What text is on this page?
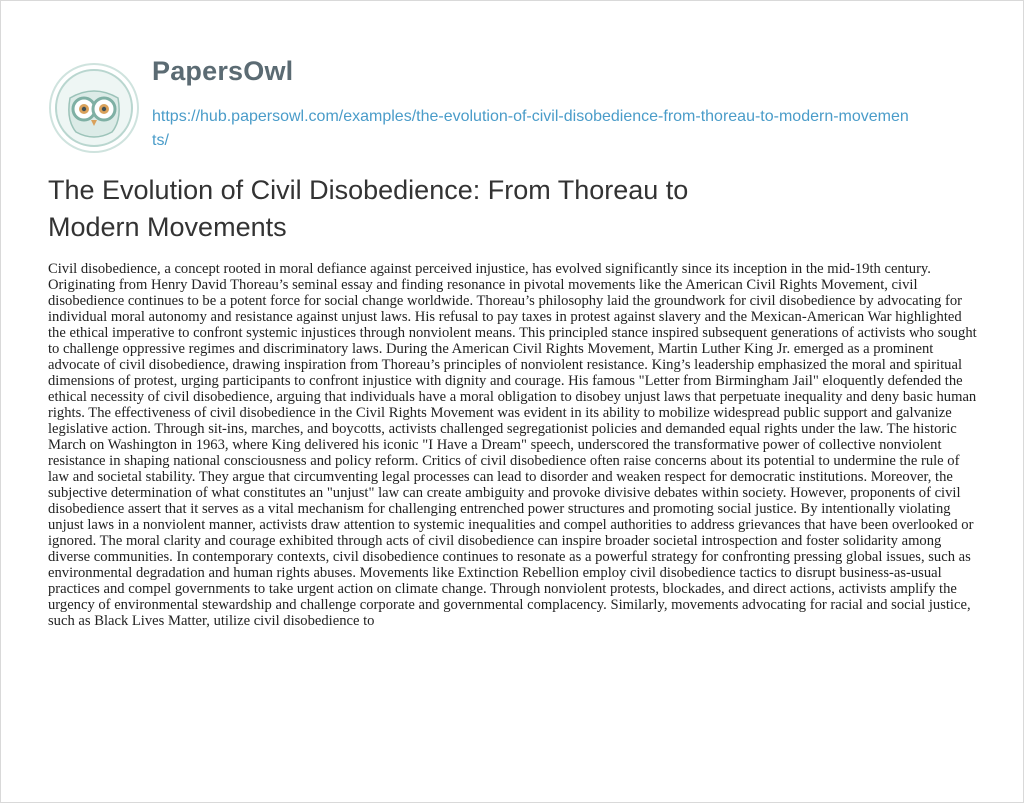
PapersOwl
https://hub.papersowl.com/examples/the-evolution-of-civil-disobedience-from-thoreau-to-modern-movements/
The Evolution of Civil Disobedience: From Thoreau to Modern Movements

Civil disobedience, a concept rooted in moral defiance against perceived injustice, has evolved significantly since its inception in the mid-19th century. Originating from Henry David Thoreau’s seminal essay and finding resonance in pivotal movements like the American Civil Rights Movement, civil disobedience continues to be a potent force for social change worldwide. Thoreau’s philosophy laid the groundwork for civil disobedience by advocating for individual moral autonomy and resistance against unjust laws. His refusal to pay taxes in protest against slavery and the Mexican-American War highlighted the ethical imperative to confront systemic injustices through nonviolent means. This principled stance inspired subsequent generations of activists who sought to challenge oppressive regimes and discriminatory laws. During the American Civil Rights Movement, Martin Luther King Jr. emerged as a prominent advocate of civil disobedience, drawing inspiration from Thoreau’s principles of nonviolent resistance. King’s leadership emphasized the moral and spiritual dimensions of protest, urging participants to confront injustice with dignity and courage. His famous "Letter from Birmingham Jail" eloquently defended the ethical necessity of civil disobedience, arguing that individuals have a moral obligation to disobey unjust laws that perpetuate inequality and deny basic human rights. The effectiveness of civil disobedience in the Civil Rights Movement was evident in its ability to mobilize widespread public support and galvanize legislative action. Through sit-ins, marches, and boycotts, activists challenged segregationist policies and demanded equal rights under the law. The historic March on Washington in 1963, where King delivered his iconic "I Have a Dream" speech, underscored the transformative power of collective nonviolent resistance in shaping national consciousness and policy reform. Critics of civil disobedience often raise concerns about its potential to undermine the rule of law and societal stability. They argue that circumventing legal processes can lead to disorder and weaken respect for democratic institutions. Moreover, the subjective determination of what constitutes an "unjust" law can create ambiguity and provoke divisive debates within society. However, proponents of civil disobedience assert that it serves as a vital mechanism for challenging entrenched power structures and promoting social justice. By intentionally violating unjust laws in a nonviolent manner, activists draw attention to systemic inequalities and compel authorities to address grievances that have been overlooked or ignored. The moral clarity and courage exhibited through acts of civil disobedience can inspire broader societal introspection and foster solidarity among diverse communities. In contemporary contexts, civil disobedience continues to resonate as a powerful strategy for confronting pressing global issues, such as environmental degradation and human rights abuses. Movements like Extinction Rebellion employ civil disobedience tactics to disrupt business-as-usual practices and compel governments to take urgent action on climate change. Through nonviolent protests, blockades, and direct actions, activists amplify the urgency of environmental stewardship and challenge corporate and governmental complacency. Similarly, movements advocating for racial and social justice, such as Black Lives Matter, utilize civil disobedience to
